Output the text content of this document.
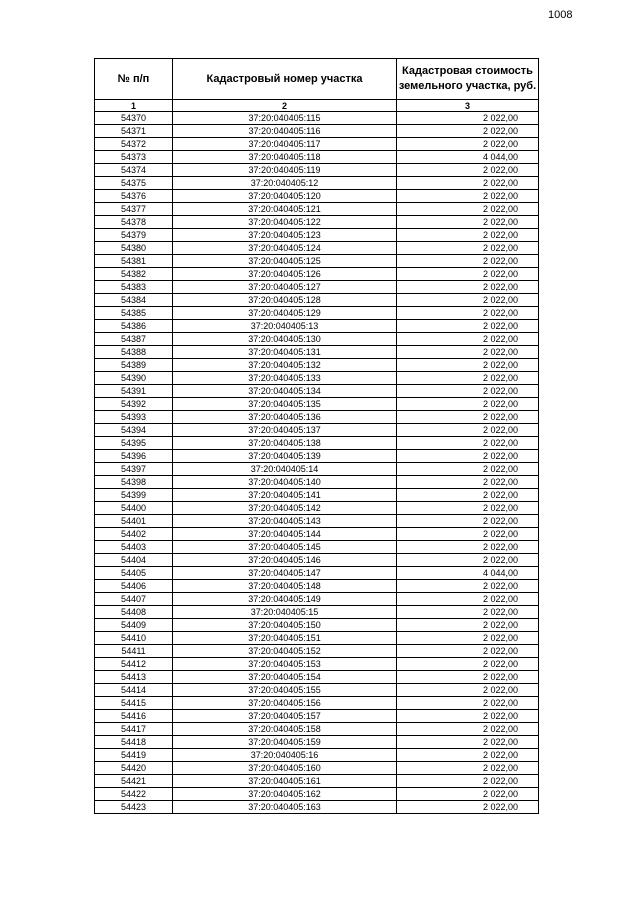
1008
№ п/п	Кадастровый номер участка	Кадастровая стоимость земельного участка, руб.
1	2	3
54370	37:20:040405:115	2 022,00
54371	37:20:040405:116	2 022,00
54372	37:20:040405:117	2 022,00
54373	37:20:040405:118	4 044,00
54374	37:20:040405:119	2 022,00
54375	37:20:040405:12	2 022,00
54376	37:20:040405:120	2 022,00
54377	37:20:040405:121	2 022,00
54378	37:20:040405:122	2 022,00
54379	37:20:040405:123	2 022,00
54380	37:20:040405:124	2 022,00
54381	37:20:040405:125	2 022,00
54382	37:20:040405:126	2 022,00
54383	37:20:040405:127	2 022,00
54384	37:20:040405:128	2 022,00
54385	37:20:040405:129	2 022,00
54386	37:20:040405:13	2 022,00
54387	37:20:040405:130	2 022,00
54388	37:20:040405:131	2 022,00
54389	37:20:040405:132	2 022,00
54390	37:20:040405:133	2 022,00
54391	37:20:040405:134	2 022,00
54392	37:20:040405:135	2 022,00
54393	37:20:040405:136	2 022,00
54394	37:20:040405:137	2 022,00
54395	37:20:040405:138	2 022,00
54396	37:20:040405:139	2 022,00
54397	37:20:040405:14	2 022,00
54398	37:20:040405:140	2 022,00
54399	37:20:040405:141	2 022,00
54400	37:20:040405:142	2 022,00
54401	37:20:040405:143	2 022,00
54402	37:20:040405:144	2 022,00
54403	37:20:040405:145	2 022,00
54404	37:20:040405:146	2 022,00
54405	37:20:040405:147	4 044,00
54406	37:20:040405:148	2 022,00
54407	37:20:040405:149	2 022,00
54408	37:20:040405:15	2 022,00
54409	37:20:040405:150	2 022,00
54410	37:20:040405:151	2 022,00
54411	37:20:040405:152	2 022,00
54412	37:20:040405:153	2 022,00
54413	37:20:040405:154	2 022,00
54414	37:20:040405:155	2 022,00
54415	37:20:040405:156	2 022,00
54416	37:20:040405:157	2 022,00
54417	37:20:040405:158	2 022,00
54418	37:20:040405:159	2 022,00
54419	37:20:040405:16	2 022,00
54420	37:20:040405:160	2 022,00
54421	37:20:040405:161	2 022,00
54422	37:20:040405:162	2 022,00
54423	37:20:040405:163	2 022,00
